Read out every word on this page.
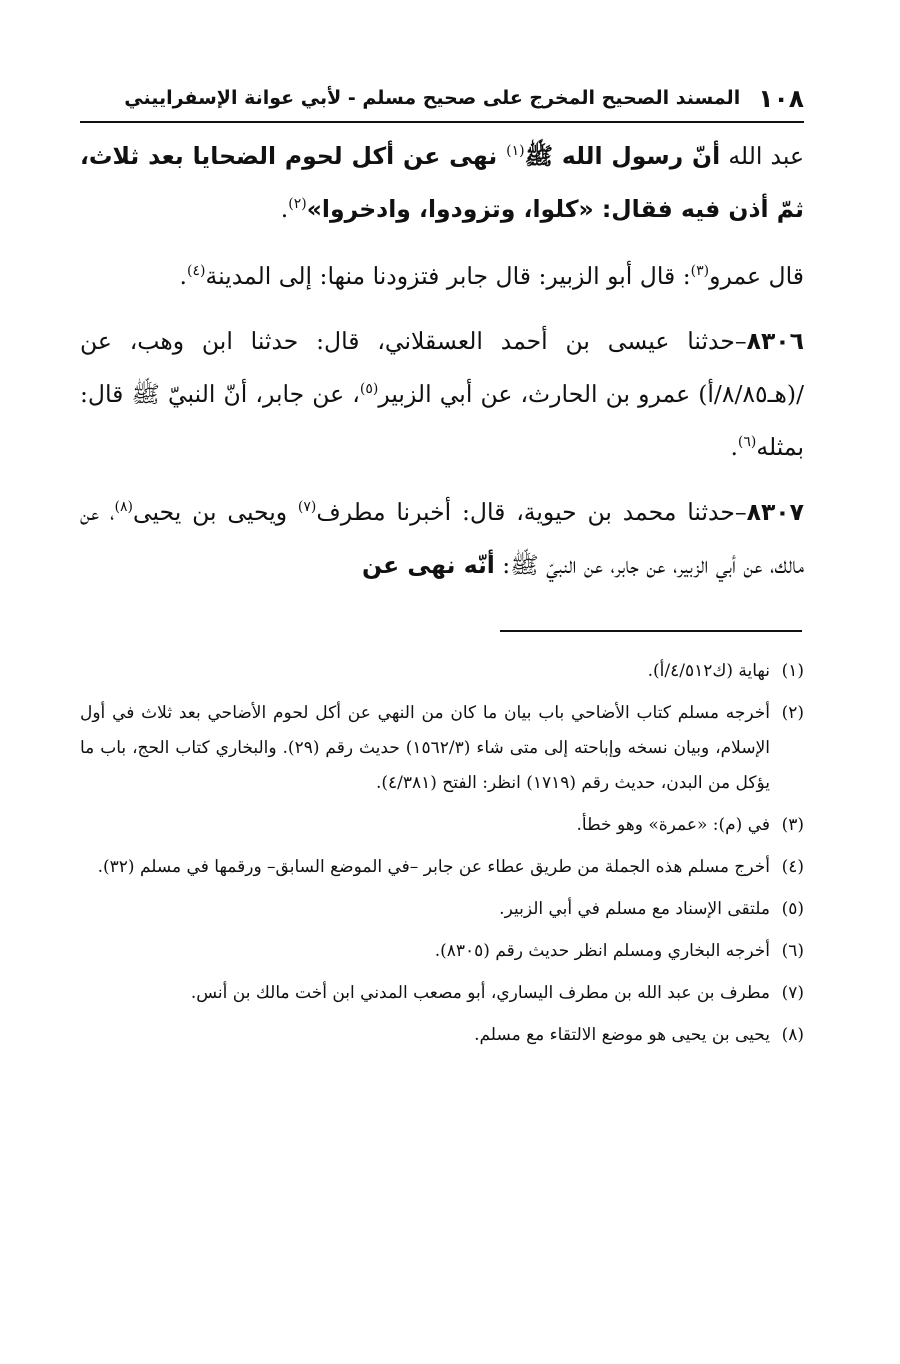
١٠٨
المسند الصحيح المخرج على صحيح مسلم - لأبي عوانة الإسفراييني

عبد الله أنّ رسول الله ﷺ$^{(١)}$ نهى عن أكل لحوم الضحايا بعد ثلاث، ثمّ أذن فيه فقال: «كلوا، وتزودوا، وادخروا»$^{(٢)}$.

قال عمرو$^{(٣)}$: قال أبو الزبير: قال جابر فتزودنا منها: إلى المدينة$^{(٤)}$.

٨٣٠٦–حدثنا عيسى بن أحمد العسقلاني، قال: حدثنا ابن وهب، عن /(هـ٨/٨٥/أ) عمرو بن الحارث، عن أبي الزبير$^{(٥)}$، عن جابر، أنّ النبيّ ﷺ قال: بمثله$^{(٦)}$.

٨٣٠٧–حدثنا محمد بن حيوية، قال: أخبرنا مطرف$^{(٧)}$ ويحيى بن يحيى$^{(٨)}$، عن مالك، عن أبي الزبير، عن جابر، عن النبيّ ﷺ: أنّه نهى عن

(١)نهاية (ك٤/٥١٢/أ).

(٢)أخرجه مسلم كتاب الأضاحي باب بيان ما كان من النهي عن أكل لحوم الأضاحي بعد ثلاث في أول الإسلام، وبيان نسخه وإباحته إلى متى شاء (١٥٦٢/٣) حديث رقم (٢٩). والبخاري كتاب الحج، باب ما يؤكل من البدن، حديث رقم (١٧١٩) انظر: الفتح (٤/٣٨١).

(٣)في (م): «عمرة» وهو خطأ.

(٤)أخرج مسلم هذه الجملة من طريق عطاء عن جابر –في الموضع السابق– ورقمها في مسلم (٣٢).

(٥)ملتقى الإسناد مع مسلم في أبي الزبير.

(٦)أخرجه البخاري ومسلم انظر حديث رقم (٨٣٠٥).

(٧)مطرف بن عبد الله بن مطرف اليساري، أبو مصعب المدني ابن أخت مالك بن أنس.

(٨)يحيى بن يحيى هو موضع الالتقاء مع مسلم.
